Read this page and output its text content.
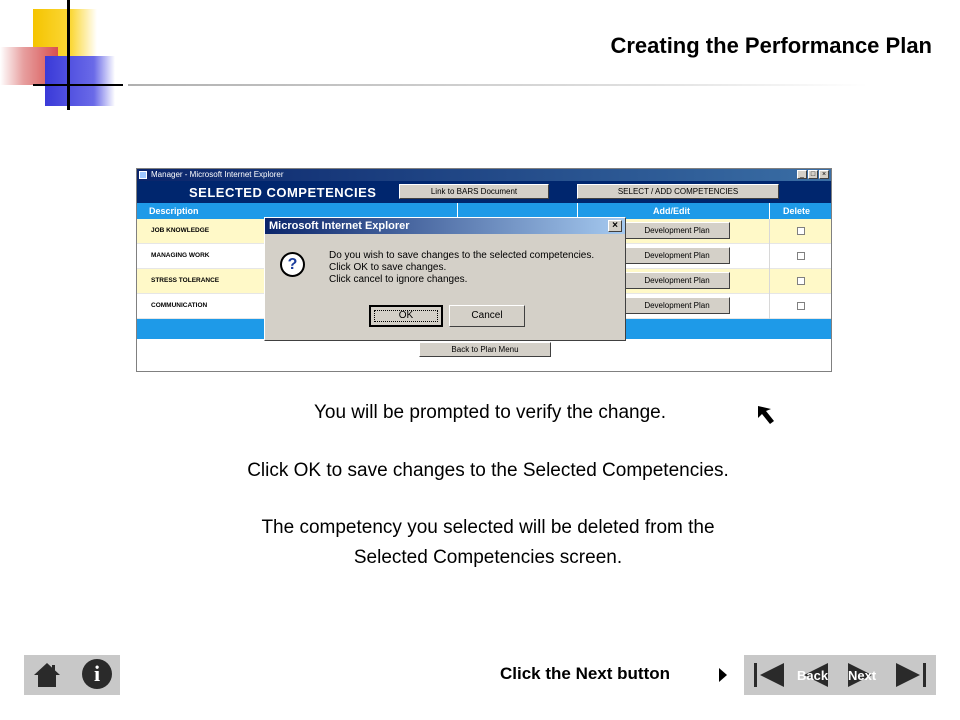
Creating the Performance Plan
Manager - Microsoft Internet Explorer	_ □ ×
SELECTED COMPETENCIES	Link to BARS Document	SELECT / ADD COMPETENCIES
Description	Add/Edit	Delete
JOB KNOWLEDGE	Development Plan
MANAGING WORK	Development Plan
STRESS TOLERANCE	Development Plan
COMMUNICATION	Development Plan
Back to Plan Menu
Microsoft Internet Explorer	×
?
Do you wish to save changes to the selected competencies.
Click OK to save changes.
Click cancel to ignore changes.
OK	Cancel
You will be prompted to verify the change.
Click OK to save changes to the Selected Competencies.
The competency you selected will be deleted from the
Selected Competencies screen.
i	Click the Next button	Back Next
